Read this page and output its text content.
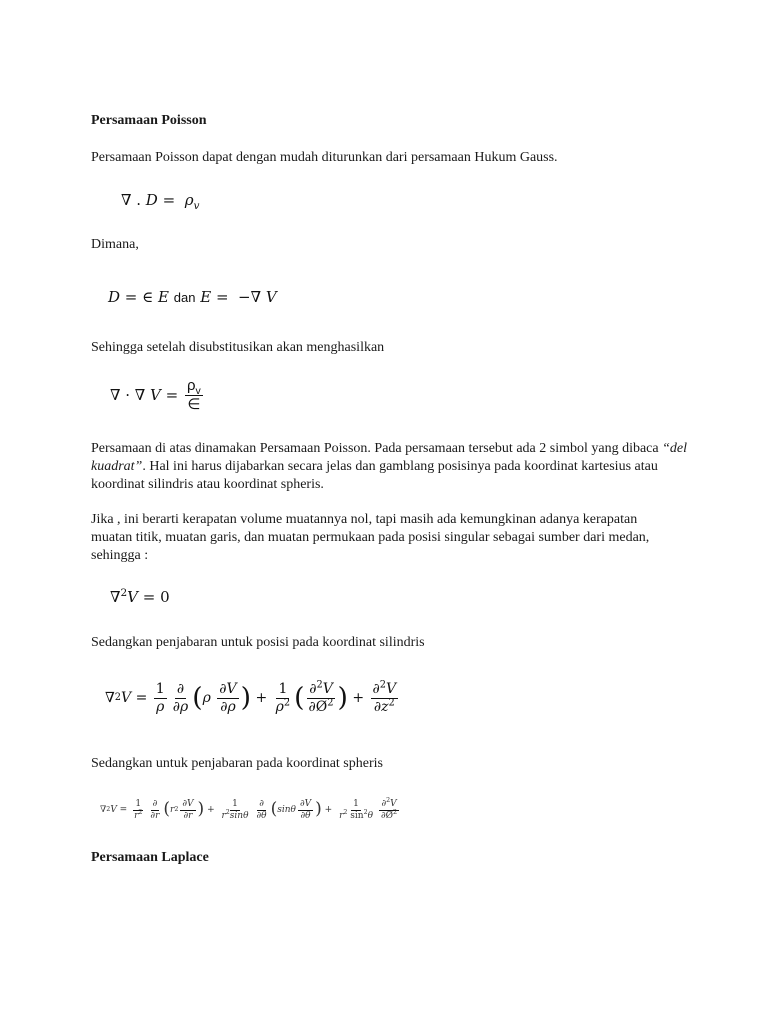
Persamaan Poisson
Persamaan Poisson dapat dengan mudah diturunkan dari persamaan Hukum Gauss.
∇ . $D = \rho_v$
Dimana,
D = ∈ E dan E =  −∇ V
Sehingga setelah disubstitusikan akan menghasilkan
∇ · ∇ $V = \frac{\rho_v}{\in}$
Persamaan di atas dinamakan Persamaan Poisson. Pada persamaan tersebut ada 2 simbol yang dibaca “del kuadrat”. Hal ini harus dijabarkan secara jelas dan gamblang posisinya pada koordinat kartesius atau koordinat silindris atau koordinat spheris.
Jika , ini berarti kerapatan volume muatannya nol, tapi masih ada kemungkinan adanya kerapatan muatan titik, muatan garis, dan muatan permukaan pada posisi singular sebagai sumber dari medan, sehingga :
∇$^2$V = 0
Sedangkan penjabaran untuk posisi pada koordinat silindris
∇ 2 $V = \frac{1}{\rho} \frac{\partial}{\partial\rho}$ ( ρ
$\frac{\partial V}{\partial\rho}$ ) + $\frac{1}{\rho^2}$ ( $\frac{\partial^2V}{\partial Ø^2}$ ) + $\frac{\partial^2V}{\partial z^2}$
Sedangkan untuk penjabaran pada koordinat spheris
∇ 2 $V = \frac{1}{r^2} \frac{\partial}{\partial r}$ ( r $2 \frac{\partial V}{\partial r}$ ) + $\frac{1}{r^2\sin\theta} \frac{\partial}{\partial\theta}$ ( sinθ $\frac{\partial V}{\partial\theta}$ ) + $\frac{1}{r^2 \sin^2\theta} \frac{\partial^2V}{\partial Ø^2}$
Persamaan Laplace
